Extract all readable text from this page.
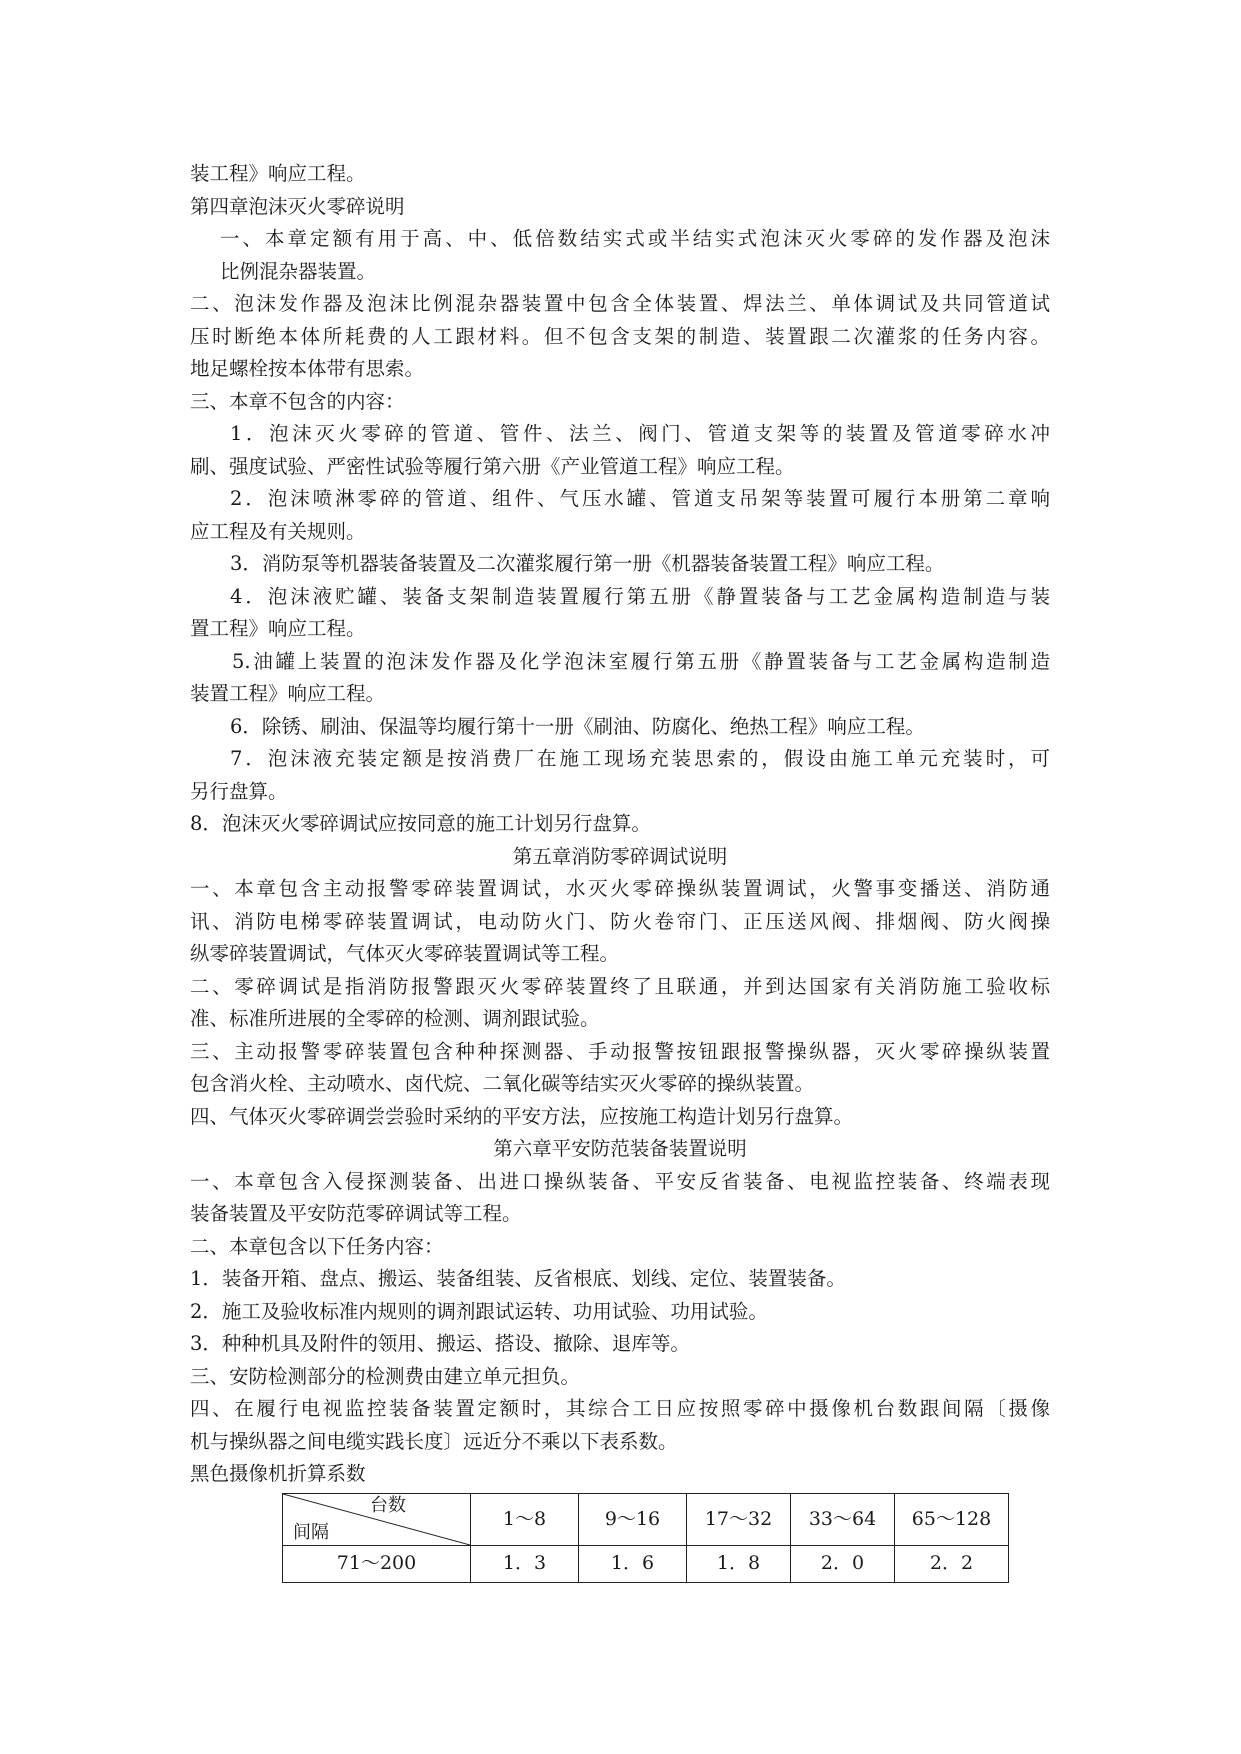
装工程》响应工程。
第四章泡沫灭火零碎说明
一、本章定额有用于高、中、低倍数结实式或半结实式泡沫灭火零碎的发作器及泡沫
比例混杂器装置。
二、泡沫发作器及泡沫比例混杂器装置中包含全体装置、焊法兰、单体调试及共同管道试
压时断绝本体所耗费的人工跟材料。但不包含支架的制造、装置跟二次灌浆的任务内容。
地足螺栓按本体带有思索。
三、本章不包含的内容：
1．泡沫灭火零碎的管道、管件、法兰、阀门、管道支架等的装置及管道零碎水冲
刷、强度试验、严密性试验等履行第六册《产业管道工程》响应工程。
2．泡沫喷淋零碎的管道、组件、气压水罐、管道支吊架等装置可履行本册第二章响
应工程及有关规则。
3．消防泵等机器装备装置及二次灌浆履行第一册《机器装备装置工程》响应工程。
4．泡沫液贮罐、装备支架制造装置履行第五册《静置装备与工艺金属构造制造与装
置工程》响应工程。
5.油罐上装置的泡沫发作器及化学泡沫室履行第五册《静置装备与工艺金属构造制造
装置工程》响应工程。
6．除锈、刷油、保温等均履行第十一册《刷油、防腐化、绝热工程》响应工程。
7．泡沫液充装定额是按消费厂在施工现场充装思索的，假设由施工单元充装时，可
另行盘算。
8．泡沫灭火零碎调试应按同意的施工计划另行盘算。
第五章消防零碎调试说明
一、本章包含主动报警零碎装置调试，水灭火零碎操纵装置调试，火警事变播送、消防通
讯、消防电梯零碎装置调试，电动防火门、防火卷帘门、正压送风阀、排烟阀、防火阀操
纵零碎装置调试，气体灭火零碎装置调试等工程。
二、零碎调试是指消防报警跟灭火零碎装置终了且联通，并到达国家有关消防施工验收标
准、标准所进展的全零碎的检测、调剂跟试验。
三、主动报警零碎装置包含种种探测器、手动报警按钮跟报警操纵器，灭火零碎操纵装置
包含消火栓、主动喷水、卤代烷、二氧化碳等结实灭火零碎的操纵装置。
四、气体灭火零碎调尝尝验时采纳的平安方法，应按施工构造计划另行盘算。
第六章平安防范装备装置说明
一、本章包含入侵探测装备、出进口操纵装备、平安反省装备、电视监控装备、终端表现
装备装置及平安防范零碎调试等工程。
二、本章包含以下任务内容：
1．装备开箱、盘点、搬运、装备组装、反省根底、划线、定位、装置装备。
2．施工及验收标准内规则的调剂跟试运转、功用试验、功用试验。
3．种种机具及附件的领用、搬运、搭设、撤除、退库等。
三、安防检测部分的检测费由建立单元担负。
四、在履行电视监控装备装置定额时，其综合工日应按照零碎中摄像机台数跟间隔〔摄像
机与操纵器之间电缆实践长度〕远近分不乘以下表系数。
黑色摄像机折算系数
台数
间隔	1～8	9～16	17～32	33～64	65～128
71～200	1．3	1．6	1．8	2．0	2．2
